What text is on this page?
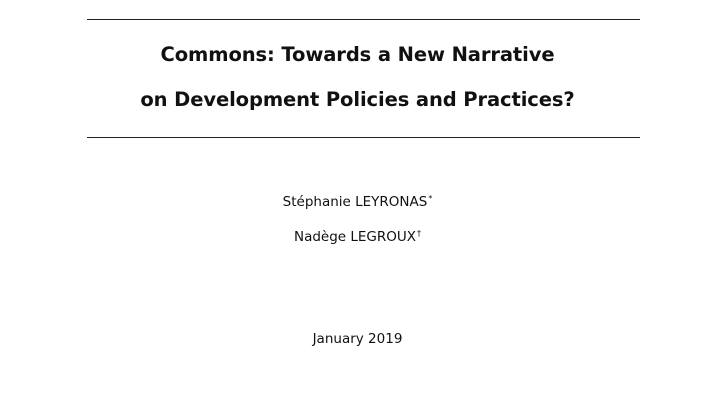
Commons: Towards a New Narrative
on Development Policies and Practices?
Stéphanie LEYRONAS*
Nadège LEGROUX†
January 2019
